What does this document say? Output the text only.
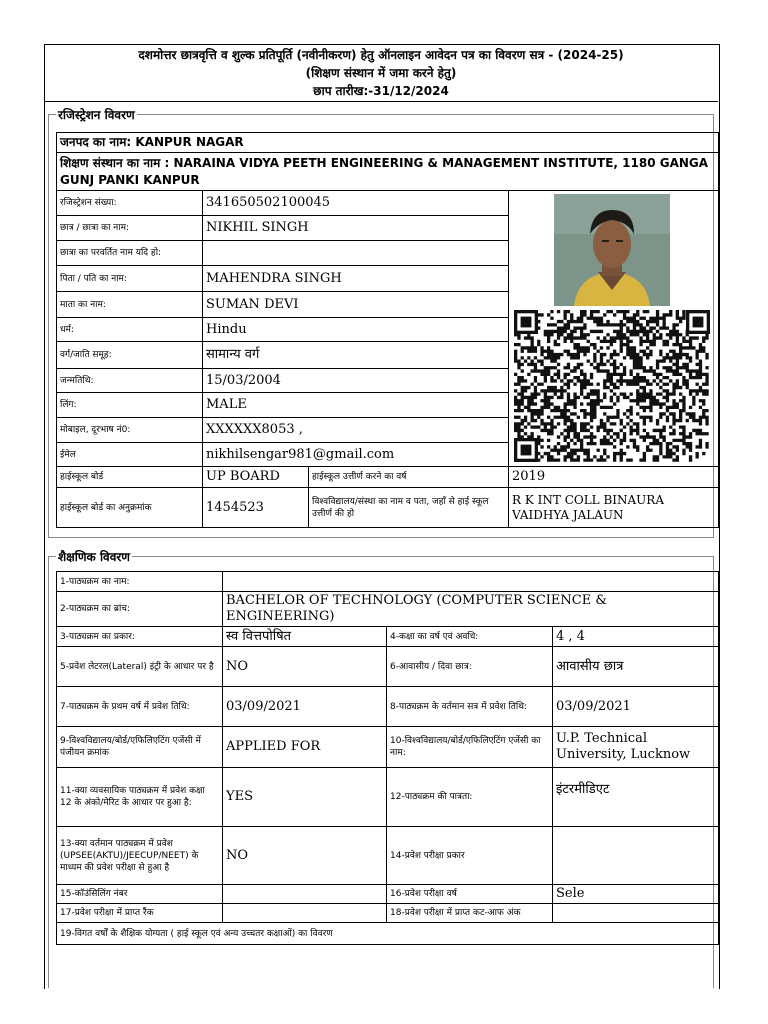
दशमोत्तर छात्रवृत्ति व शुल्क प्रतिपूर्ति (नवीनीकरण) हेतु ऑनलाइन आवेदन पत्र का विवरण सत्र - (2024-25)
(शिक्षण संस्थान में जमा करने हेतु)
छाप तारीख:-31/12/2024
रजिस्ट्रेशन विवरण
जनपद का नाम: KANPUR NAGAR			
शिक्षण संस्थान का नाम : NARAINA VIDYA PEETH ENGINEERING & MANAGEMENT INSTITUTE, 1180 GANGA GUNJ PANKI KANPUR			
रजिस्ट्रेशन संख्या:	341650502100045		
छात्र / छात्रा का नाम:	NIKHIL SINGH		
छात्रा का परवर्तित नाम यदि हो:			
पिता / पति का नाम:	MAHENDRA SINGH		
माता का नाम:	SUMAN DEVI		
धर्म:	Hindu		
वर्ग/जाति समूह:	सामान्य वर्ग		
जन्मतिथि:	15/03/2004		
लिंग:	MALE		
मोबाइल, दूरभाष नं0:	XXXXXX8053 ,		
ईमेल	nikhilsengar981@gmail.com		
हाईस्कूल बोर्ड	UP BOARD	हाईस्कूल उत्तीर्ण करने का वर्ष	2019
हाईस्कूल बोर्ड का अनुक्रमांक	1454523	विश्वविद्यालय/संस्था का नाम व पता, जहाँ से हाई स्कूल उत्तीर्ण की हो	R K INT COLL BINAURA VAIDHYA JALAUN
शैक्षणिक विवरण
1-पाठ्यक्रम का नाम:			
2-पाठ्यक्रम का ब्रांच:	BACHELOR OF TECHNOLOGY (COMPUTER SCIENCE & ENGINEERING)		
3-पाठ्यक्रम का प्रकार:	स्व वित्तपोषित	4-कक्षा का वर्ष एवं अवधि:	4 , 4
5-प्रवेश लेटरल(Lateral) इंट्री के आधार पर है	NO	6-आवासीय / दिवा छात्र:	आवासीय छात्र
7-पाठ्यक्रम के प्रथम वर्ष में प्रवेश तिथि:	03/09/2021	8-पाठ्यक्रम के वर्तमान सत्र में प्रवेश तिथि:	03/09/2021
9-विश्वविद्यालय/बोर्ड/एफिलिएटिंग एजेंसी में पंजीयन क्रमांक	APPLIED FOR	10-विश्वविद्यालय/बोर्ड/एफिलिएटिंग एजेंसी का नाम:	U.P. Technical University, Lucknow
11-क्या व्यवसायिक पाठ्यक्रम में प्रवेश कक्षा 12 के अंको/मेरिट के आधार पर हुआ है:	YES	12-पाठ्यक्रम की पात्रता:	इंटरमीडिएट
13-क्या वर्तमान पाठ्यक्रम में प्रवेश (UPSEE(AKTU)/JEECUP/NEET) के माध्यम की प्रवेश परीक्षा से हुआ है	NO	14-प्रवेश परीक्षा प्रकार	
15-कॉउंसिलिंग नंबर		16-प्रवेश परीक्षा वर्ष	Sele
17-प्रवेश परीक्षा में प्राप्त रैंक		18-प्रवेश परीक्षा में प्राप्त कट-आफ अंक	
19-विगत वर्षों के शैक्षिक योग्यता ( हाई स्कूल एवं अन्य उच्चतर कक्षाओं) का विवरण			
